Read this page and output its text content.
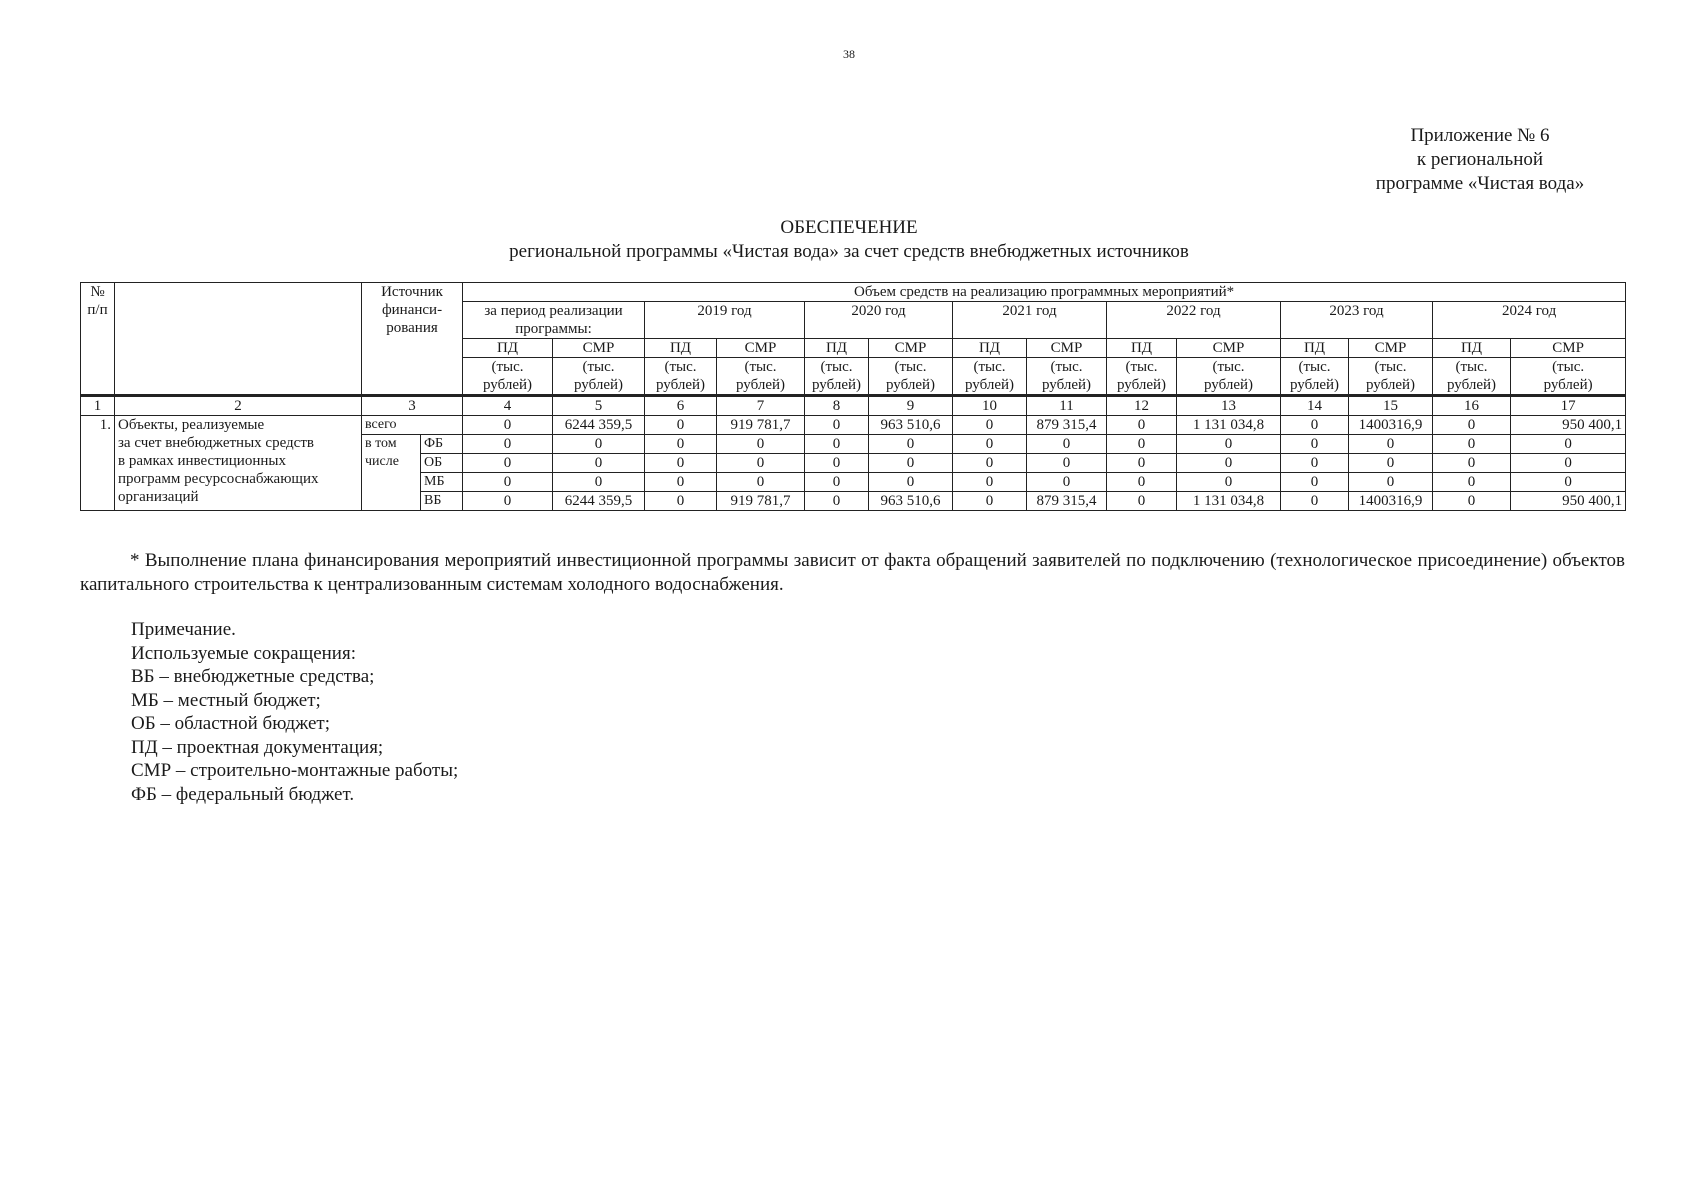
38
Приложение № 6
к региональной
программе «Чистая вода»
ОБЕСПЕЧЕНИЕ
региональной программы «Чистая вода» за счет средств внебюджетных источников
№
п/п		Источник
финанси-
рования		Объем средств на реализацию программных мероприятий*													
				за период реализации
программы:		2019 год		2020 год		2021 год		2022 год		2023 год		2024 год	
				ПД	СМР	ПД	СМР	ПД	СМР	ПД	СМР	ПД	СМР	ПД	СМР	ПД	СМР
				(тыс.
рублей)	(тыс.
рублей)	(тыс.
рублей)	(тыс.
рублей)	(тыс.
рублей)	(тыс.
рублей)	(тыс.
рублей)	(тыс.
рублей)	(тыс.
рублей)	(тыс.
рублей)	(тыс.
рублей)	(тыс.
рублей)	(тыс.
рублей)	(тыс.
рублей)
1	2	3		4	5	6	7	8	9	10	11	12	13	14	15	16	17
1.	Объекты, реализуемые
за счет внебюджетных средств
в рамках инвестиционных
программ ресурсоснабжающих
организаций	всего		0	6244 359,5	0	919 781,7	0	963 510,6	0	879 315,4	0	1 131 034,8	0	1400316,9	0	950 400,1
		в том
числе	ФБ	0	0	0	0	0	0	0	0	0	0	0	0	0	0
			ОБ	0	0	0	0	0	0	0	0	0	0	0	0	0	0
			МБ	0	0	0	0	0	0	0	0	0	0	0	0	0	0
			ВБ	0	6244 359,5	0	919 781,7	0	963 510,6	0	879 315,4	0	1 131 034,8	0	1400316,9	0	950 400,1
* Выполнение плана финансирования мероприятий инвестиционной программы зависит от факта обращений заявителей по подключению (технологическое присоединение) объектов капитального строительства к централизованным системам холодного водоснабжения.
Примечание.
Используемые сокращения:
ВБ – внебюджетные средства;
МБ – местный бюджет;
ОБ – областной бюджет;
ПД – проектная документация;
СМР – строительно-монтажные работы;
ФБ – федеральный бюджет.
